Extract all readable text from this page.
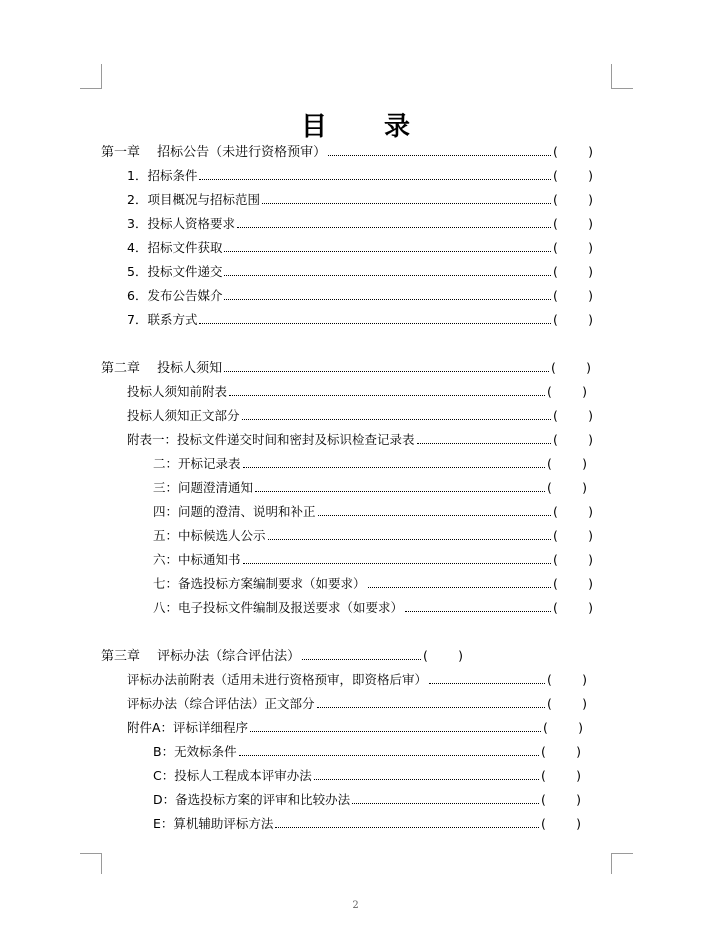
目 录
第一章　 招标公告（未进行资格预审）	( )
1．招标条件	( )
2．项目概况与招标范围	( )
3．投标人资格要求	( )
4．招标文件获取	( )
5．投标文件递交	( )
6．发布公告媒介	( )
7．联系方式	( )
第二章　 投标人须知	( )
投标人须知前附表	( )
投标人须知正文部分	( )
附表一：投标文件递交时间和密封及标识检查记录表	( )
二：开标记录表	( )
三：问题澄清通知	( )
四：问题的澄清、说明和补正	( )
五：中标候选人公示	( )
六：中标通知书	( )
七：备选投标方案编制要求（如要求）	( )
八：电子投标文件编制及报送要求（如要求）	( )
第三章　 评标办法（综合评估法）	( )
评标办法前附表（适用未进行资格预审，即资格后审）	( )
评标办法（综合评估法）正文部分	( )
附件A：评标详细程序	( )
B：无效标条件	( )
C：投标人工程成本评审办法	( )
D：备选投标方案的评审和比较办法	( )
E：算机辅助评标方法	( )
2
